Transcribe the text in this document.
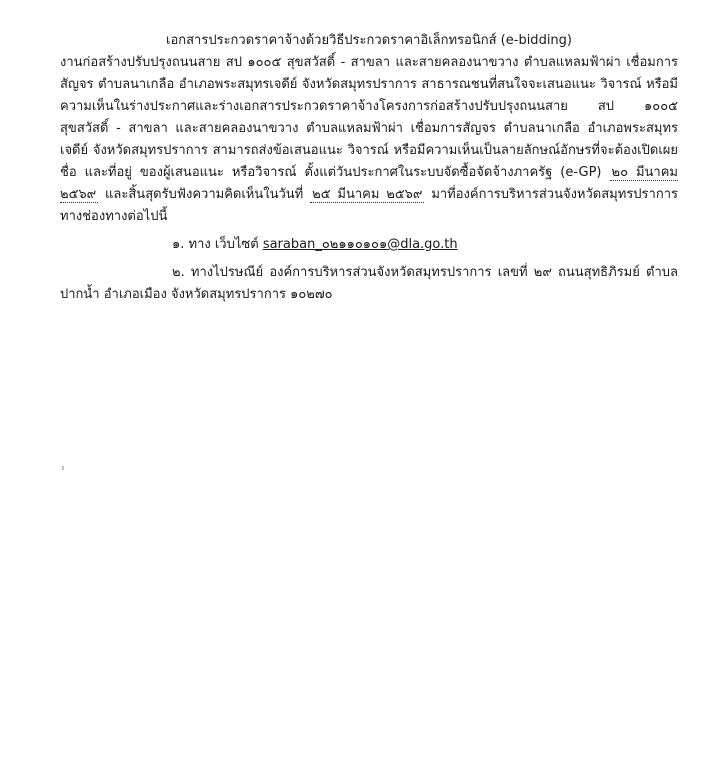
เอกสารประกวดราคาจ้างด้วยวิธีประกวดราคาอิเล็กทรอนิกส์ (e-bidding)

งานก่อสร้างปรับปรุงถนนสาย สป ๑๐๐๕ สุขสวัสดิ์ - สาขลา และสายคลองนาขวาง ตำบลแหลมฟ้าผ่า เชื่อมการสัญจร ตำบลนาเกลือ อำเภอพระสมุทรเจดีย์ จังหวัดสมุทรปราการ สาธารณชนที่สนใจจะเสนอแนะ วิจารณ์ หรือมีความเห็นในร่างประกาศและร่างเอกสารประกวดราคาจ้างโครงการก่อสร้างปรับปรุงถนนสาย สป ๑๐๐๕ สุขสวัสดิ์ - สาขลา และสายคลองนาขวาง ตำบลแหลมฟ้าผ่า เชื่อมการสัญจร ตำบลนาเกลือ อำเภอพระสมุทรเจดีย์ จังหวัดสมุทรปราการ สามารถส่งข้อเสนอแนะ วิจารณ์ หรือมีความเห็นเป็นลายลักษณ์อักษรที่จะต้องเปิดเผย ชื่อ และที่อยู่ ของผู้เสนอแนะ หรือวิจารณ์ ตั้งแต่วันประกาศในระบบจัดซื้อจัดจ้างภาครัฐ (e-GP) ๒๐ มีนาคม ๒๕๖๙ และสิ้นสุดรับฟังความคิดเห็นในวันที่ ๒๕ มีนาคม ๒๕๖๙ มาที่องค์การบริหารส่วนจังหวัดสมุทรปราการ ทางช่องทางต่อไปนี้

๑. ทาง เว็บไซต์ saraban_๐๒๑๑๐๑๐๑@dla.go.th

๒. ทางไปรษณีย์ องค์การบริหารส่วนจังหวัดสมุทรปราการ เลขที่ ๒๙ ถนนสุทธิภิรมย์ ตำบลปากน้ำ อำเภอเมือง จังหวัดสมุทรปราการ ๑๐๒๗๐
